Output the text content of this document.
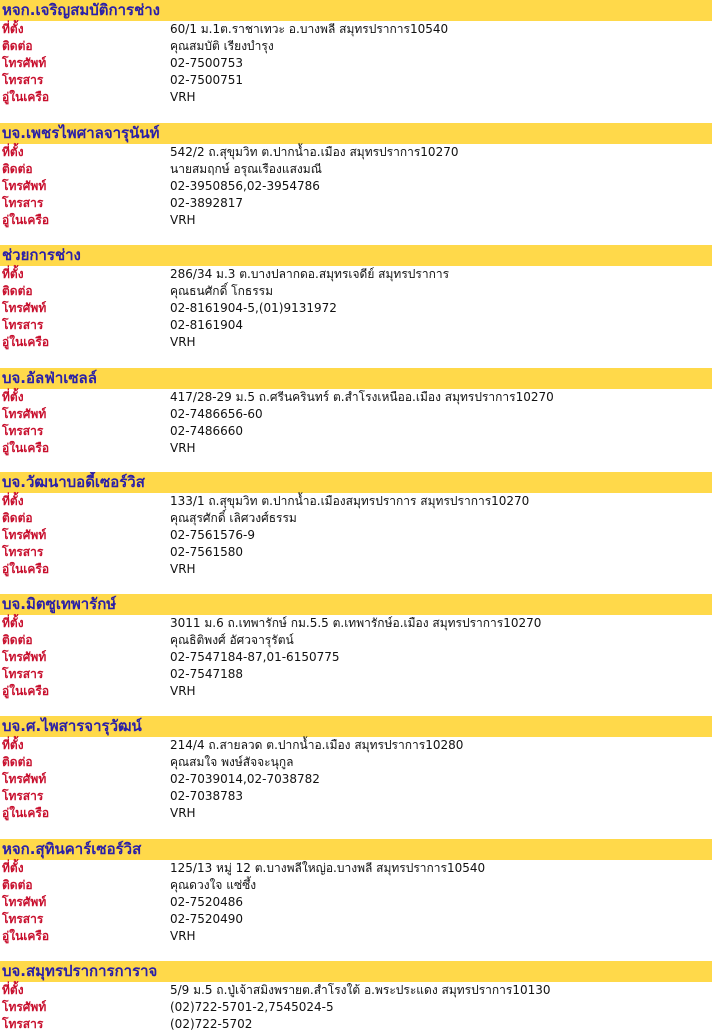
หจก.เจริญสมบัติการช่าง
ที่ตั้ง	60/1 ม.1ต.ราชาเทวะ อ.บางพลี สมุทรปราการ10540
ติดต่อ	คุณสมบัติ เรียงบำรุง
โทรศัพท์	02-7500753
โทรสาร	02-7500751
อู่ในเครือ	VRH
บจ.เพชรไพศาลจารุนันท์
ที่ตั้ง	542/2 ถ.สุขุมวิท ต.ปากน้ำอ.เมือง สมุทรปราการ10270
ติดต่อ	นายสมฤกษ์ อรุณเรืองแสงมณี
โทรศัพท์	02-3950856,02-3954786
โทรสาร	02-3892817
อู่ในเครือ	VRH
ช่วยการช่าง
ที่ตั้ง	286/34 ม.3 ต.บางปลากดอ.สมุทรเจดีย์ สมุทรปราการ
ติดต่อ	คุณธนศักดิ์ โกธรรม
โทรศัพท์	02-8161904-5,(01)9131972
โทรสาร	02-8161904
อู่ในเครือ	VRH
บจ.อัลฟ่าเซลล์
ที่ตั้ง	417/28-29 ม.5 ถ.ศรีนครินทร์ ต.สำโรงเหนืออ.เมือง สมุทรปราการ10270
โทรศัพท์	02-7486656-60
โทรสาร	02-7486660
อู่ในเครือ	VRH
บจ.วัฒนาบอดี้เซอร์วิส
ที่ตั้ง	133/1 ถ.สุขุมวิท ต.ปากน้ำอ.เมืองสมุทรปราการ สมุทรปราการ10270
ติดต่อ	คุณสุรศักดิ์ เลิศวงศ์ธรรม
โทรศัพท์	02-7561576-9
โทรสาร	02-7561580
อู่ในเครือ	VRH
บจ.มิตซูเทพารักษ์
ที่ตั้ง	3011 ม.6 ถ.เทพารักษ์ กม.5.5 ต.เทพารักษ์อ.เมือง สมุทรปราการ10270
ติดต่อ	คุณธิติพงศ์ อัศวจารุรัตน์
โทรศัพท์	02-7547184-87,01-6150775
โทรสาร	02-7547188
อู่ในเครือ	VRH
บจ.ศ.ไพสารจารุวัฒน์
ที่ตั้ง	214/4 ถ.สายลวด ต.ปากน้ำอ.เมือง สมุทรปราการ10280
ติดต่อ	คุณสมใจ พงษ์สัจจะนุกูล
โทรศัพท์	02-7039014,02-7038782
โทรสาร	02-7038783
อู่ในเครือ	VRH
หจก.สุทินคาร์เซอร์วิส
ที่ตั้ง	125/13 หมู่ 12 ต.บางพลีใหญ่อ.บางพลี สมุทรปราการ10540
ติดต่อ	คุณดวงใจ แซ่ซึ้ง
โทรศัพท์	02-7520486
โทรสาร	02-7520490
อู่ในเครือ	VRH
บจ.สมุทรปราการการาจ
ที่ตั้ง	5/9 ม.5 ถ.ปู่เจ้าสมิงพรายต.สำโรงใต้ อ.พระประแดง สมุทรปราการ10130
โทรศัพท์	(02)722-5701-2,7545024-5
โทรสาร	(02)722-5702
